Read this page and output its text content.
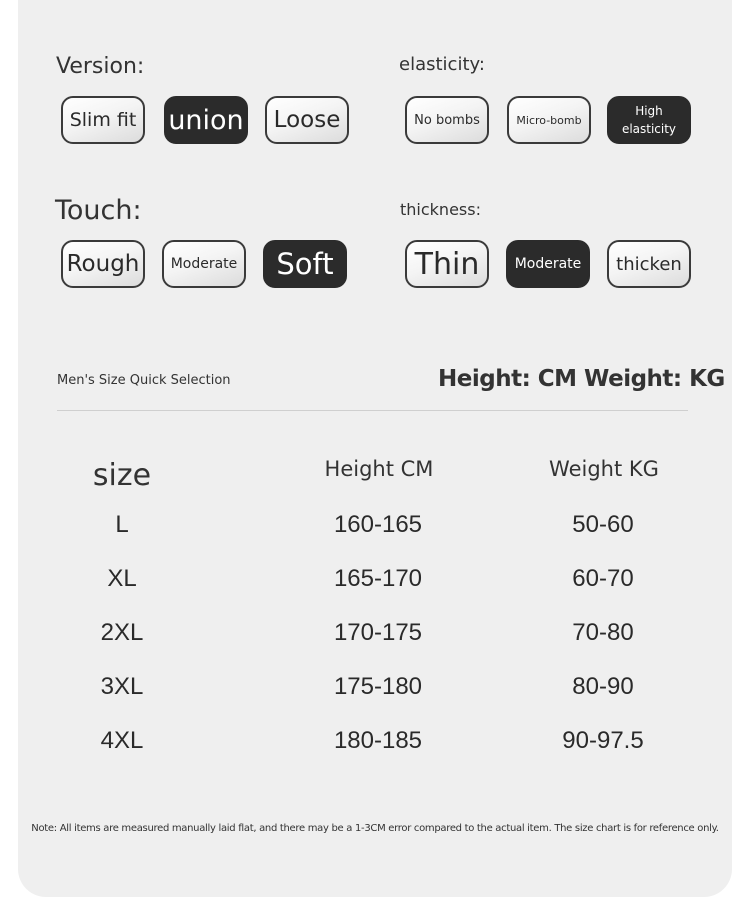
Version:
Slim fit union Loose
elasticity:
No bombs	Micro-bomb
High
elasticity
Touch:
Rough Moderate Soft
thickness:
Thin	Moderate thicken
Men's Size Quick Selection	Height: CM Weight: KG
size	Height CM	Weight KG
L	160-165	50-60
XL	165-170	60-70
2XL	170-175	70-80
3XL	175-180	80-90
4XL	180-185	90-97.5
Note: All items are measured manually laid flat, and there may be a 1-3CM error compared to the actual item. The size chart is for reference only.
